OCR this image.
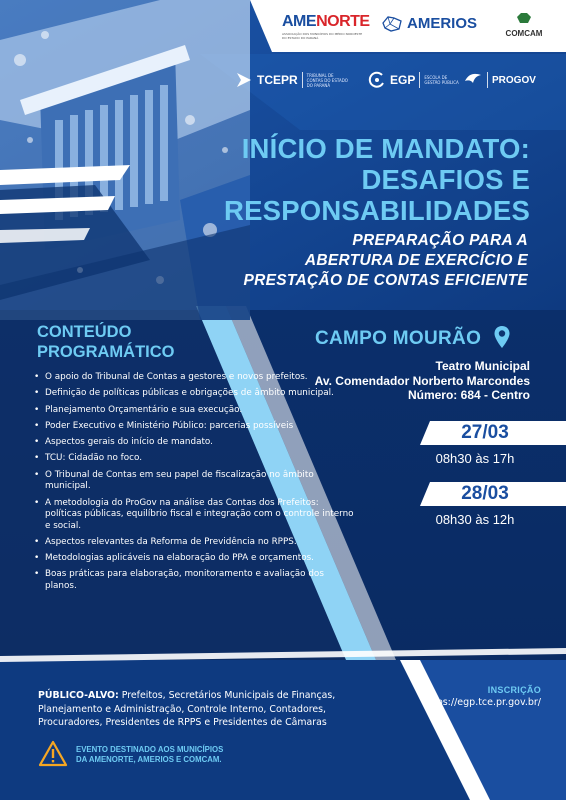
AMENORTE
ASSOCIAÇÃO DOS MUNICÍPIOS DO MÉDIO NOROESTE DO ESTADO DO PARANÁ
AMERIOS
COMCAM
TCEPR TRIBUNAL DE CONTAS DO ESTADO DO PARANÁ	EGP ESCOLA DE GESTÃO PÚBLICA	PROGOV
INÍCIO DE MANDATO:
DESAFIOS E
RESPONSABILIDADES
PREPARAÇÃO PARA A
ABERTURA DE EXERCÍCIO E
PRESTAÇÃO DE CONTAS EFICIENTE
CONTEÚDO
PROGRAMÁTICO
• O apoio do Tribunal de Contas a gestores e novos prefeitos.
• Definição de políticas públicas e obrigações de âmbito municipal.
• Planejamento Orçamentário e sua execução.
• Poder Executivo e Ministério Público: parcerias possíveis
• Aspectos gerais do início de mandato.
• TCU: Cidadão no foco.
• O Tribunal de Contas em seu papel de fiscalização no âmbito municipal.
• A metodologia do ProGov na análise das Contas dos Prefeitos: políticas públicas, equilíbrio fiscal e integração com o controle interno e social.
• Aspectos relevantes da Reforma de Previdência no RPPS.
• Metodologias aplicáveis na elaboração do PPA e orçamentos.
• Boas práticas para elaboração, monitoramento e avaliação dos planos.
CAMPO MOURÃO
Teatro Municipal
Av. Comendador Norberto Marcondes
Número: 684 - Centro
27/03
08h30 às 17h
28/03
08h30 às 12h
PÚBLICO-ALVO: Prefeitos, Secretários Municipais de Finanças, Planejamento e Administração, Controle Interno, Contadores, Procuradores, Presidentes de RPPS e Presidentes de Câmaras
INSCRIÇÃO
https://egp.tce.pr.gov.br/
EVENTO DESTINADO AOS MUNICÍPIOS
DA AMENORTE, AMERIOS E COMCAM.
